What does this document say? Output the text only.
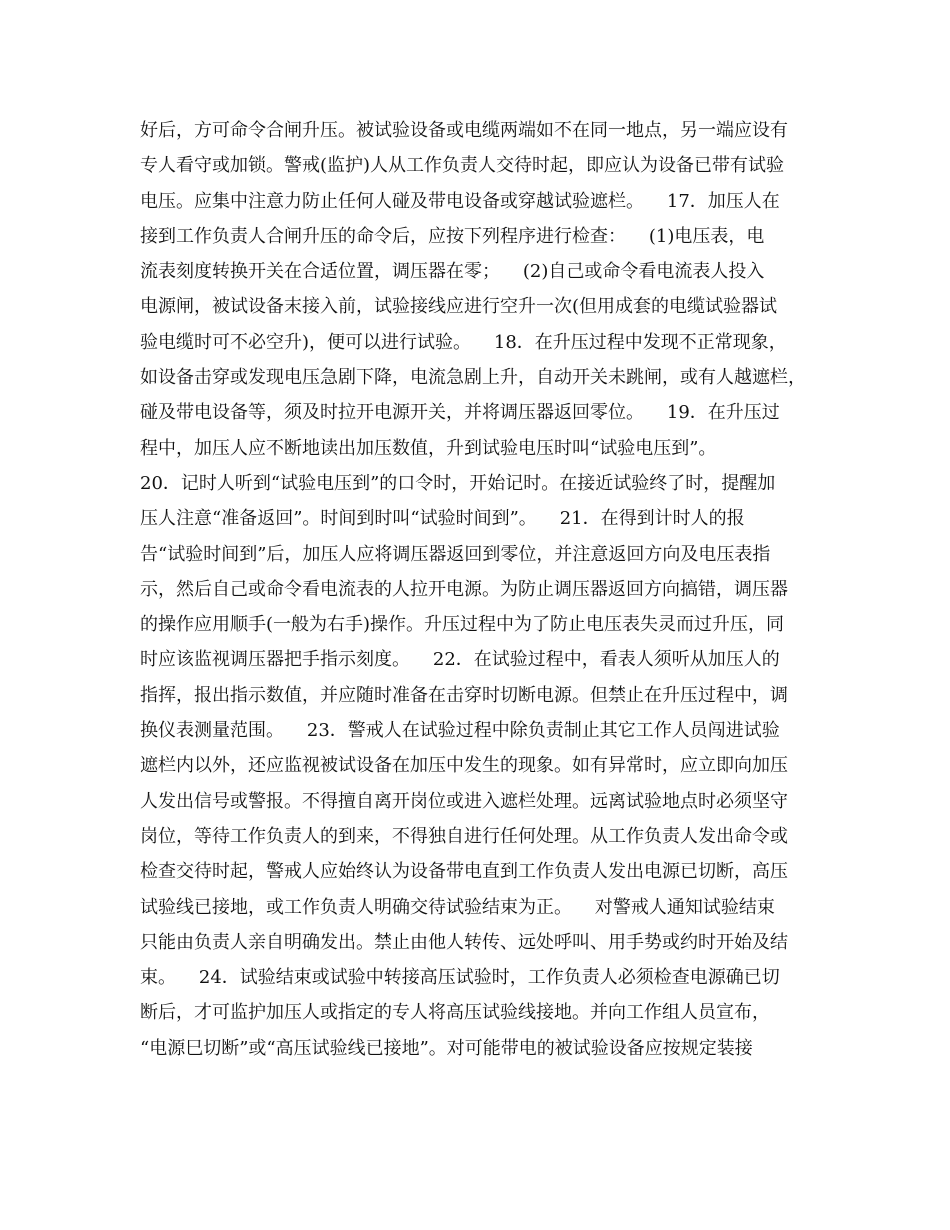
好后，方可命令合闸升压。被试验设备或电缆两端如不在同一地点，另一端应设有
专人看守或加锁。警戒(监护)人从工作负责人交待时起，即应认为设备已带有试验
电压。应集中注意力防止任何人碰及带电设备或穿越试验遮栏。    17．加压人在
接到工作负责人合闸升压的命令后，应按下列程序进行检查：    (1)电压表，电
流表刻度转换开关在合适位置，调压器在零；    (2)自己或命令看电流表人投入
电源闸，被试设备末接入前，试验接线应进行空升一次(但用成套的电缆试验器试
验电缆时可不必空升)，便可以进行试验。    18．在升压过程中发现不正常现象，
如设备击穿或发现电压急剧下降，电流急剧上升，自动开关未跳闸，或有人越遮栏，
碰及带电设备等，须及时拉开电源开关，并将调压器返回零位。    19．在升压过
程中，加压人应不断地读出加压数值，升到试验电压时叫“试验电压到”。
20．记时人听到“试验电压到”的口令时，开始记时。在接近试验终了时，提醒加
压人注意“准备返回”。时间到时叫“试验时间到”。    21．在得到计时人的报
告“试验时间到”后，加压人应将调压器返回到零位，并注意返回方向及电压表指
示，然后自己或命令看电流表的人拉开电源。为防止调压器返回方向搞错，调压器
的操作应用顺手(一般为右手)操作。升压过程中为了防止电压表失灵而过升压，同
时应该监视调压器把手指示刻度。    22．在试验过程中，看表人须听从加压人的
指挥，报出指示数值，并应随时准备在击穿时切断电源。但禁止在升压过程中，调
换仪表测量范围。    23．警戒人在试验过程中除负责制止其它工作人员闯进试验
遮栏内以外，还应监视被试设备在加压中发生的现象。如有异常时，应立即向加压
人发出信号或警报。不得擅自离开岗位或进入遮栏处理。远离试验地点时必须坚守
岗位，等待工作负责人的到来，不得独自进行任何处理。从工作负责人发出命令或
检查交待时起，警戒人应始终认为设备带电直到工作负责人发出电源已切断，高压
试验线已接地，或工作负责人明确交待试验结束为正。    对警戒人通知试验结束
只能由负责人亲自明确发出。禁止由他人转传、远处呼叫、用手势或约时开始及结
束。    24．试验结束或试验中转接高压试验时，工作负责人必须检查电源确已切
断后，才可监护加压人或指定的专人将高压试验线接地。并向工作组人员宣布，
“电源巳切断”或“高压试验线已接地”。对可能带电的被试验设备应按规定装接
